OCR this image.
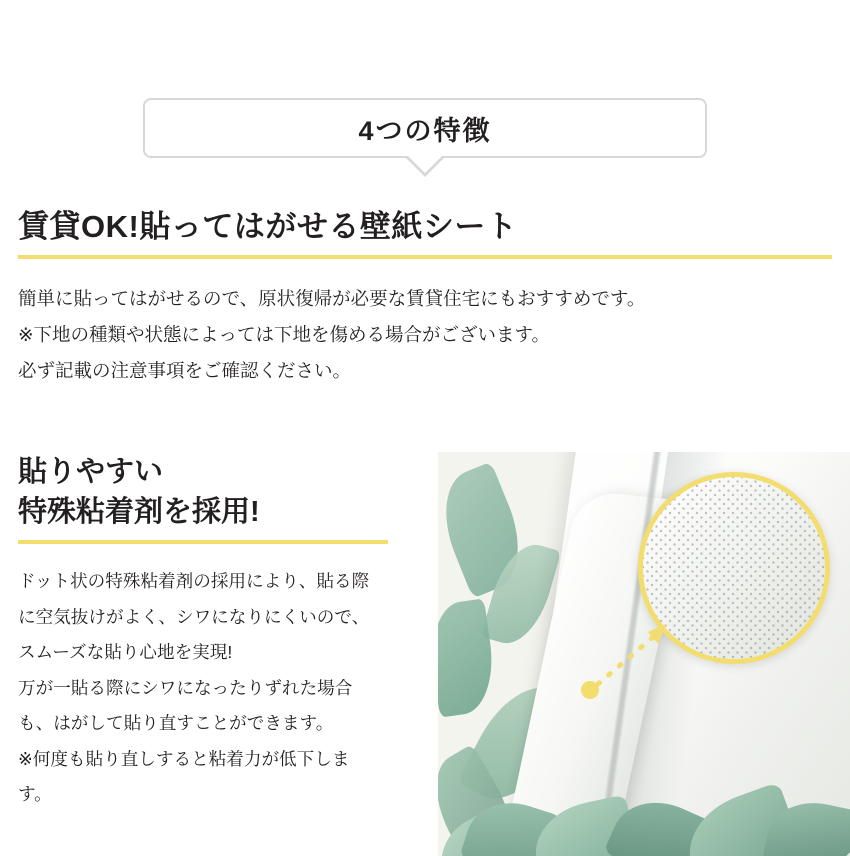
4つの特徴
賃貸OK!貼ってはがせる壁紙シート
簡単に貼ってはがせるので、原状復帰が必要な賃貸住宅にもおすすめです。
※下地の種類や状態によっては下地を傷める場合がございます。
必ず記載の注意事項をご確認ください。
貼りやすい
特殊粘着剤を採用!
ドット状の特殊粘着剤の採用により、貼る際
に空気抜けがよく、シワになりにくいので、
スムーズな貼り心地を実現!
万が一貼る際にシワになったりずれた場合
も、はがして貼り直すことができます。
※何度も貼り直しすると粘着力が低下しま
す。
